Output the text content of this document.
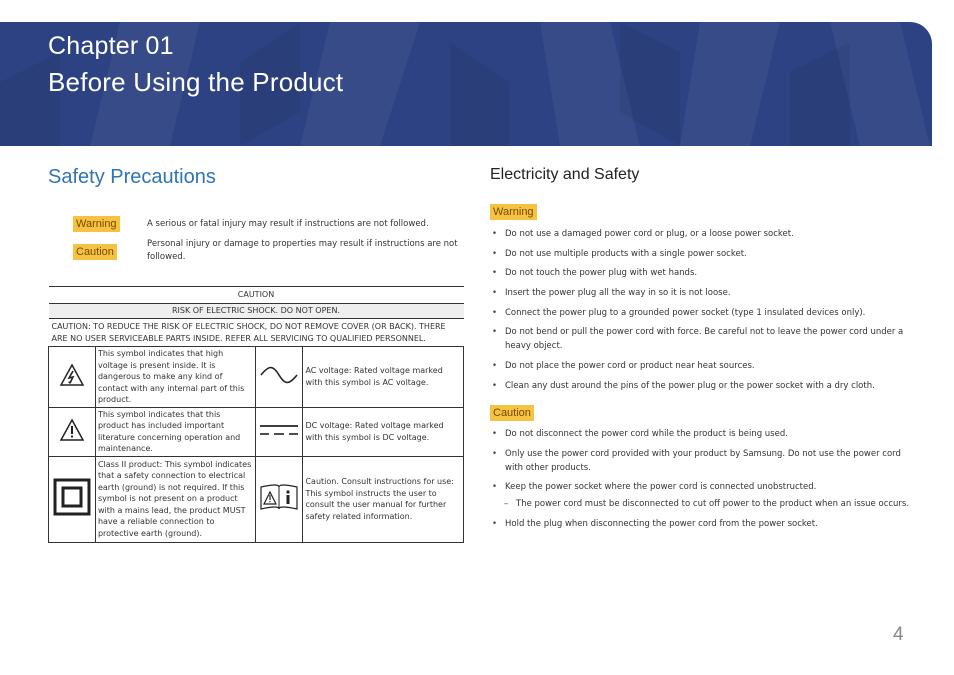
Chapter 01
Before Using the Product
Safety Precautions
Warning	A serious or fatal injury may result if instructions are not followed.
Caution
Personal injury or damage to properties may result if instructions are not followed.
CAUTION			
RISK OF ELECTRIC SHOCK. DO NOT OPEN.			
CAUTION: TO REDUCE THE RISK OF ELECTRIC SHOCK, DO NOT REMOVE COVER (OR BACK). THERE ARE NO USER SERVICEABLE PARTS INSIDE. REFER ALL SERVICING TO QUALIFIED PERSONNEL.			
	This symbol indicates that high voltage is present inside. It is dangerous to make any kind of contact with any internal part of this product.		AC voltage: Rated voltage marked with this symbol is AC voltage.
	This symbol indicates that this product has included important literature concerning operation and maintenance.		DC voltage: Rated voltage marked with this symbol is DC voltage.
	Class II product: This symbol indicates that a safety connection to electrical earth (ground) is not required. If this symbol is not present on a product with a mains lead, the product MUST have a reliable connection to protective earth (ground).		Caution. Consult instructions for use: This symbol instructs the user to consult the user manual for further safety related information.
Electricity and Safety
Warning
• Do not use a damaged power cord or plug, or a loose power socket.
• Do not use multiple products with a single power socket.
• Do not touch the power plug with wet hands.
• Insert the power plug all the way in so it is not loose.
• Connect the power plug to a grounded power socket (type 1 insulated devices only).
• Do not bend or pull the power cord with force. Be careful not to leave the power cord under a heavy object.
• Do not place the power cord or product near heat sources.
• Clean any dust around the pins of the power plug or the power socket with a dry cloth.
Caution
• Do not disconnect the power cord while the product is being used.
• Only use the power cord provided with your product by Samsung. Do not use the power cord with other products.
• Keep the power socket where the power cord is connected unobstructed.
– The power cord must be disconnected to cut off power to the product when an issue occurs.
• Hold the plug when disconnecting the power cord from the power socket.
4
